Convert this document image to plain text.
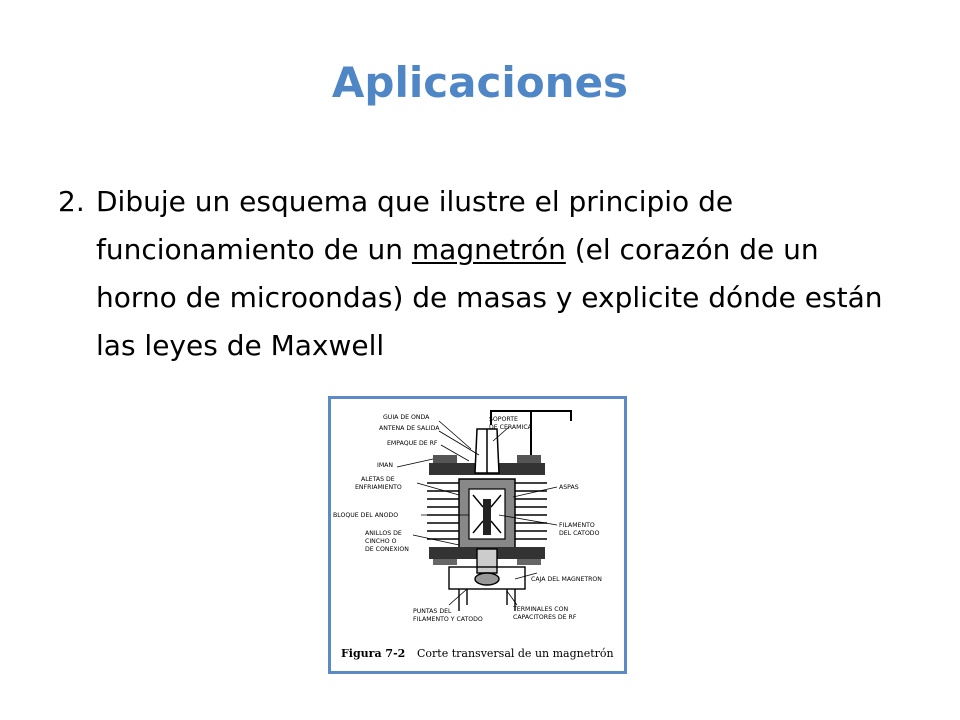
Aplicaciones
2. Dibuje un esquema que ilustre el principio de funcionamiento de un magnetrón (el corazón de un horno de microondas) de masas y explicite dónde están las leyes de Maxwell
GUIA DE ONDA
ANTENA DE SALIDA
SOPORTE
DE CERAMICA
EMPAQUE DE RF
IMAN
ALETAS DE
ENFRIAMIENTO	ASPAS
BLOQUE DEL ANODO
FILAMENTO
DEL CATODO
ANILLOS DE
CINCHO O
DE CONEXION
CAJA DEL MAGNETRON
PUNTAS DEL
FILAMENTO Y CATODO
TERMINALES CON
CAPACITORES DE RF
Figura 7-2 Corte transversal de un magnetrón
